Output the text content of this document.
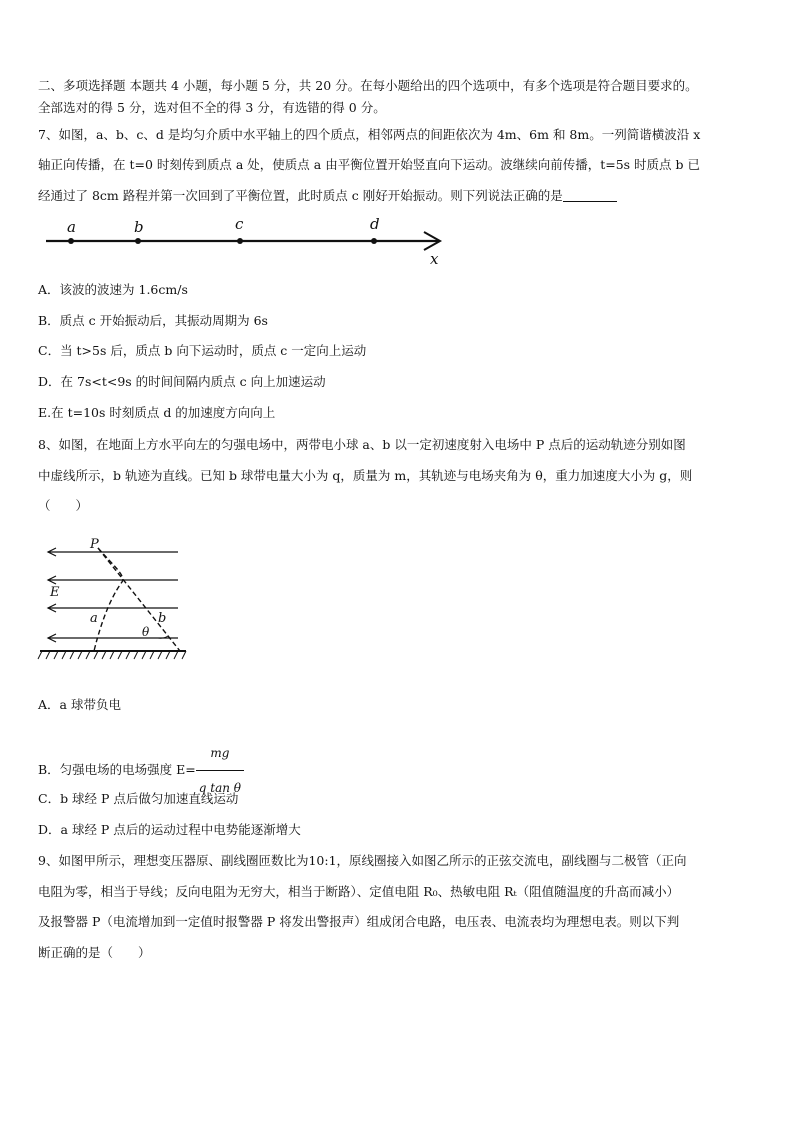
二、多项选择题 本题共 4 小题，每小题 5 分，共 20 分。在每小题给出的四个选项中，有多个选项是符合题目要求的。
全部选对的得 5 分，选对但不全的得 3 分，有选错的得 0 分。
7、如图，a、b、c、d 是均匀介质中水平轴上的四个质点，相邻两点的间距依次为 4m、6m 和 8m。一列简谐横波沿 x
轴正向传播，在 t=0 时刻传到质点 a 处，使质点 a 由平衡位置开始竖直向下运动。波继续向前传播，t=5s 时质点 b 已
经通过了 8cm 路程并第一次回到了平衡位置，此时质点 c 刚好开始振动。则下列说法正确的是
a	b	c	d
x
A．该波的波速为 1.6cm/s
B．质点 c 开始振动后，其振动周期为 6s
C．当 t>5s 后，质点 b 向下运动时，质点 c 一定向上运动
D．在 7s<t<9s 的时间间隔内质点 c 向上加速运动
E.在 t=10s 时刻质点 d 的加速度方向向上
8、如图，在地面上方水平向左的匀强电场中，两带电小球 a、b 以一定初速度射入电场中 P 点后的运动轨迹分别如图
中虚线所示，b 轨迹为直线。已知 b 球带电量大小为 q，质量为 m，其轨迹与电场夹角为 θ，重力加速度大小为 g，则
（　　）
P
E
a	b
θ
A．a 球带负电
B．匀强电场的电场强度 $E= \frac{mg}{\text{q tan θ}}$
C．b 球经 P 点后做匀加速直线运动
D．a 球经 P 点后的运动过程中电势能逐渐增大
9、如图甲所示，理想变压器原、副线圈匝数比为10:1，原线圈接入如图乙所示的正弦交流电，副线圈与二极管（正向
电阻为零，相当于导线；反向电阻为无穷大，相当于断路）、定值电阻 R₀、热敏电阻 Rₜ（阻值随温度的升高而减小）
及报警器 P（电流增加到一定值时报警器 P 将发出警报声）组成闭合电路，电压表、电流表均为理想电表。则以下判
断正确的是（　　）
